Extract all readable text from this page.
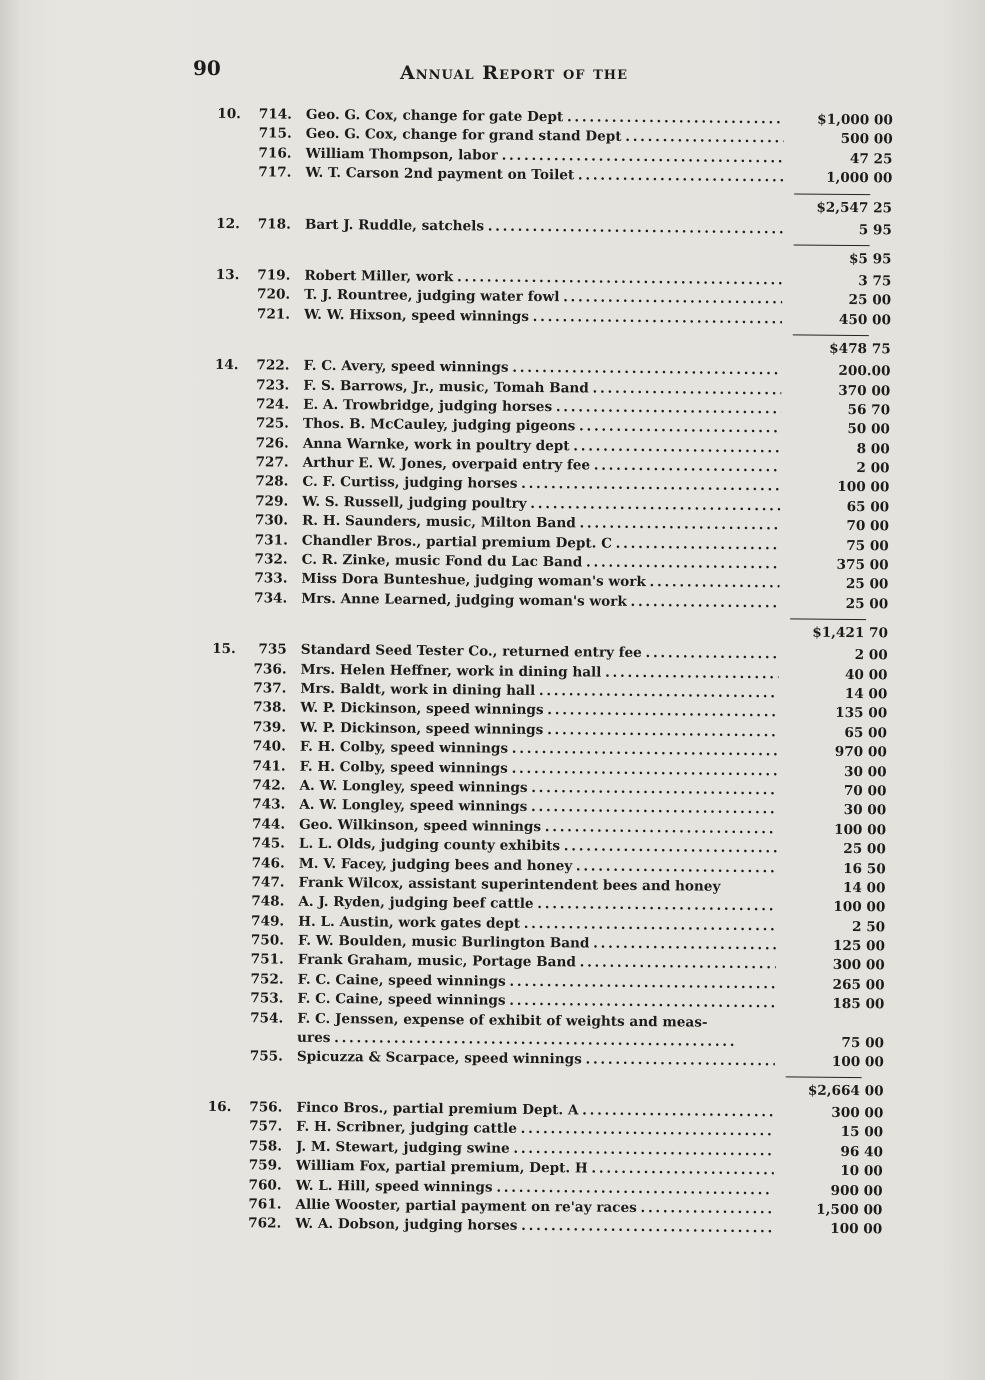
90	Annual Report of the
10.	714. Geo. G. Cox, change for gate Dept . . .	$1,000 00
715. Geo. G. Cox, change for grand stand Dept . . .	500 00
716. William Thompson, labor . . .	47 25
717. W. T. Carson 2nd payment on Toilet . . .	1,000 00
$2,547 25
12.	718. Bart J. Ruddle, satchels . . .	5 95
$5 95
13.	719. Robert Miller, work . . .	3 75
720. T. J. Rountree, judging water fowl . . .	25 00
721. W. W. Hixson, speed winnings . . .	450 00
$478 75
14.	722. F. C. Avery, speed winnings . . .	200.00
723. F. S. Barrows, Jr., music, Tomah Band . . .	370 00
724. E. A. Trowbridge, judging horses . . .	56 70
725. Thos. B. McCauley, judging pigeons . . .	50 00
726. Anna Warnke, work in poultry dept . . .	8 00
727. Arthur E. W. Jones, overpaid entry fee . . .	2 00
728. C. F. Curtiss, judging horses . . .	100 00
729. W. S. Russell, judging poultry . . .	65 00
730. R. H. Saunders, music, Milton Band . . .	70 00
731. Chandler Bros., partial premium Dept. C . . .	75 00
732. C. R. Zinke, music Fond du Lac Band . . .	375 00
733. Miss Dora Bunteshue, judging woman's work . . .	25 00
734. Mrs. Anne Learned, judging woman's work . . .	25 00
$1,421 70
15.	735 Standard Seed Tester Co., returned entry fee . . .	2 00
736. Mrs. Helen Heffner, work in dining hall . . .	40 00
737. Mrs. Baldt, work in dining hall . . .	14 00
738. W. P. Dickinson, speed winnings . . .	135 00
739. W. P. Dickinson, speed winnings . . .	65 00
740. F. H. Colby, speed winnings . . .	970 00
741. F. H. Colby, speed winnings . . .	30 00
742. A. W. Longley, speed winnings . . .	70 00
743. A. W. Longley, speed winnings . . .	30 00
744. Geo. Wilkinson, speed winnings . . .	100 00
745. L. L. Olds, judging county exhibits . . .	25 00
746. M. V. Facey, judging bees and honey . . .	16 50
747. Frank Wilcox, assistant superintendent bees and honey	14 00
748. A. J. Ryden, judging beef cattle . . .	100 00
749. H. L. Austin, work gates dept . . .	2 50
750. F. W. Boulden, music Burlington Band . . .	125 00
751. Frank Graham, music, Portage Band . . .	300 00
752. F. C. Caine, speed winnings . . .	265 00
753. F. C. Caine, speed winnings . . .	185 00
754. F. C. Jenssen, expense of exhibit of weights and meas-
ures . . .	75 00
755. Spicuzza & Scarpace, speed winnings . . .	100 00
$2,664 00
16.	756. Finco Bros., partial premium Dept. A . . .	300 00
757. F. H. Scribner, judging cattle . . .	15 00
758. J. M. Stewart, judging swine . . .	96 40
759. William Fox, partial premium, Dept. H . . .	10 00
760. W. L. Hill, speed winnings . . .	900 00
761. Allie Wooster, partial payment on re'ay races . . .	1,500 00
762. W. A. Dobson, judging horses . . .	100 00
